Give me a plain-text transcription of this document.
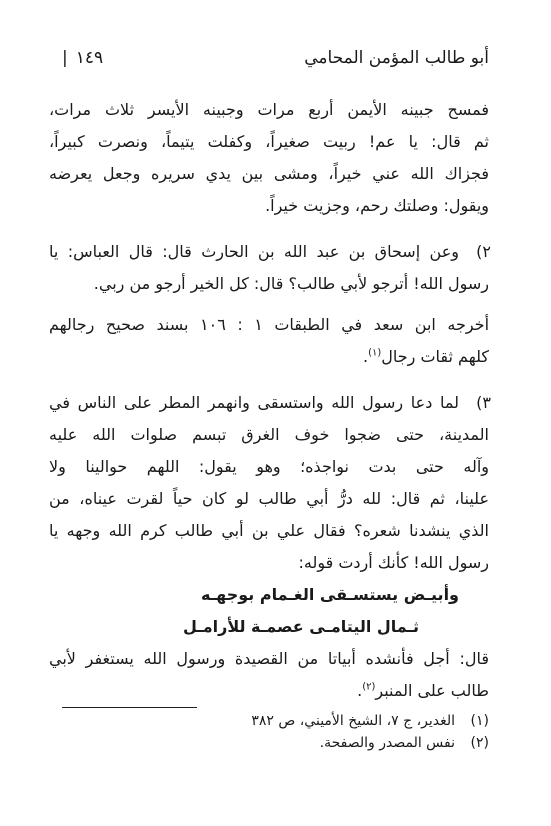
أبو طالب المؤمن المحامي
١٤٩|
فمسح جبينه الأيمن أربع مرات وجبينه الأيسر ثلاث مرات،
ثم قال: يا عم! ربيت صغيراً، وكفلت يتيماً، ونصرت كبيراً،
فجزاك الله عني خيراً، ومشى بين يدي سريره وجعل يعرضه
ويقول: وصلتك رحم، وجزيت خيراً.
٢)
وعن إسحاق بن عبد الله بن الحارث قال: قال العباس: يا
رسول الله! أترجو لأبي طالب؟ قال: كل الخير أرجو من ربي.
أخرجه ابن سعد في الطبقات ١ : ١٠٦ بسند صحيح رجالهم
كلهم ثقات رجال$^{(١)}$.
٣)
لما دعا رسول الله واستسقى وانهمر المطر على الناس في
المدينة، حتى ضجوا خوف الغرق تبسم صلوات الله عليه
وآله حتى بدت نواجذه؛ وهو يقول: اللهم حوالينا ولا
علينا، ثم قال: لله درُّ أبي طالب لو كان حياً لقرت عيناه، من
الذي ينشدنا شعره؟ فقال علي بن أبي طالب كرم الله وجهه يا
رسول الله! كأنك أردت قوله:
وأبيـض يستسـقى الغـمام بوجهـه
ثـمال اليتامـى عصمـة للأرامـل
قال: أجل فأنشده أبياتا من القصيدة ورسول الله يستغفر لأبي
طالب على المنبر$^{(٢)}$.
(١)الغدير، ج ٧، الشيخ الأميني، ص ٣٨٢
(٢)نفس المصدر والصفحة.
